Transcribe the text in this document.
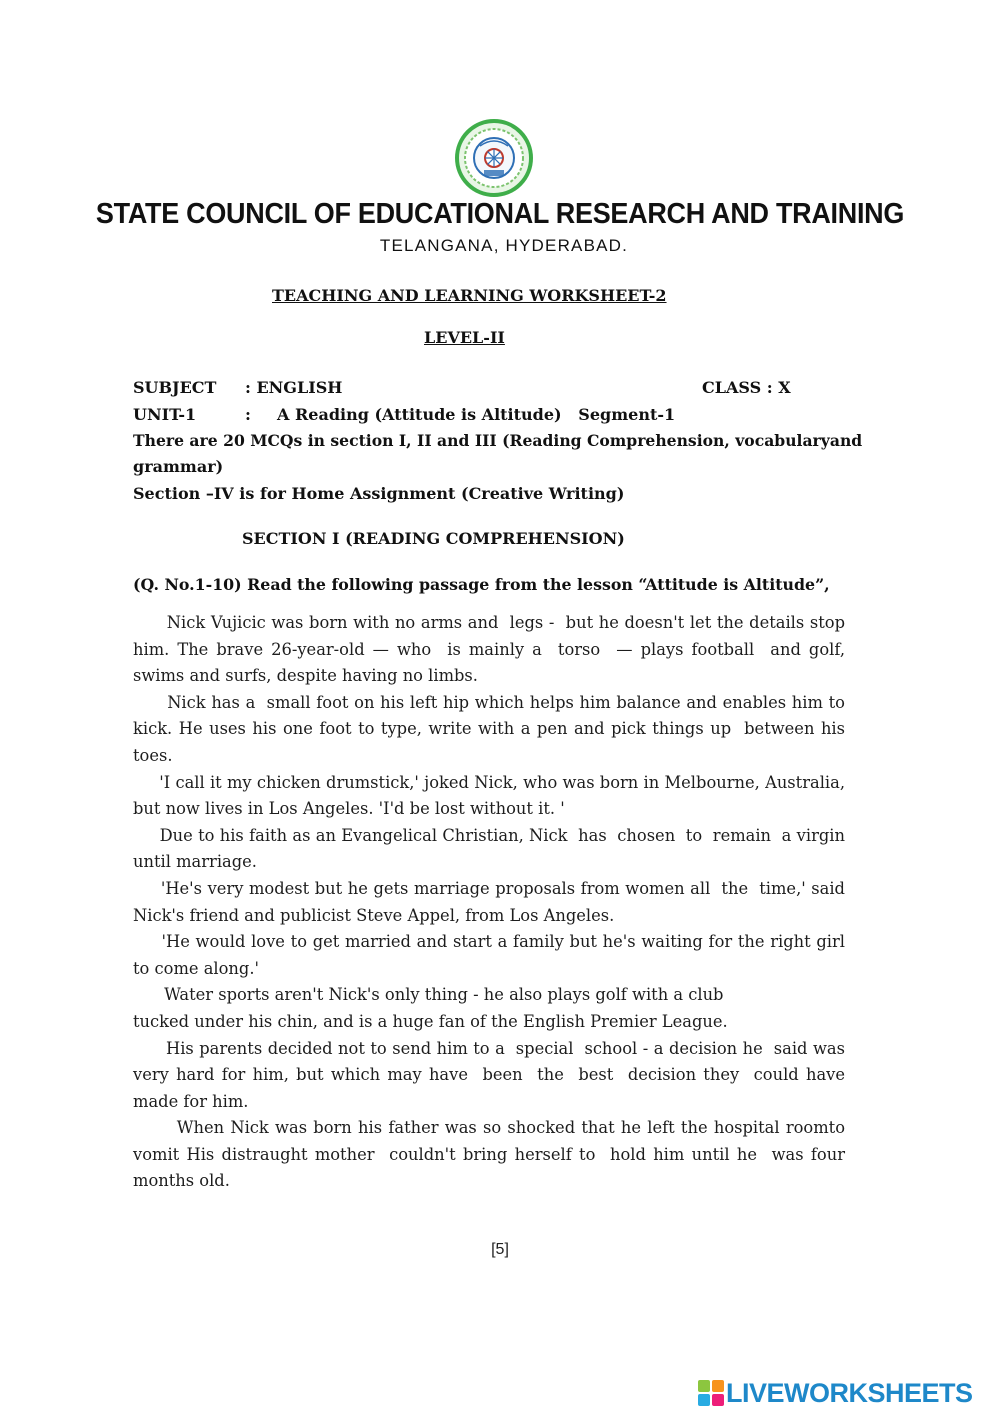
STATE COUNCIL OF EDUCATIONAL RESEARCH AND TRAINING
TELANGANA, HYDERABAD.
TEACHING AND LEARNING WORKSHEET-2
LEVEL-II
SUBJECT : ENGLISH	CLASS : X
UNIT-1	: A Reading (Attitude is Altitude)   Segment-1
There are 20 MCQs in section I, II and III (Reading Comprehension, vocabularyand
grammar)
Section –IV is for Home Assignment (Creative Writing)
SECTION I (READING COMPREHENSION)
(Q. No.1-10) Read the following passage from the lesson “Attitude is Altitude”,

Nick Vujicic was born with no arms and  legs -  but he doesn't let the details stop him. The brave 26-year-old — who  is mainly a  torso  — plays football  and golf, swims and surfs, despite having no limbs.

Nick has a  small foot on his left hip which helps him balance and enables him to kick. He uses his one foot to type, write with a pen and pick things up  between his toes.

'I call it my chicken drumstick,' joked Nick, who was born in Melbourne, Australia, but now lives in Los Angeles. 'I'd be lost without it. '

Due to his faith as an Evangelical Christian, Nick  has  chosen  to  remain  a virgin until marriage.

'He's very modest but he gets marriage proposals from women all  the  time,' said Nick's friend and publicist Steve Appel, from Los Angeles.

'He would love to get married and start a family but he's waiting for the right girl to come along.'

Water sports aren't Nick's only thing - he also plays golf with a club

tucked under his chin, and is a huge fan of the English Premier League.

His parents decided not to send him to a  special  school - a decision he  said was very hard for him, but which may have  been  the  best  decision they  could have made for him.

When Nick was born his father was so shocked that he left the hospital roomto vomit His distraught mother  couldn't bring herself to  hold him until he  was four months old.

[5]
LIVEWORKSHEETS
